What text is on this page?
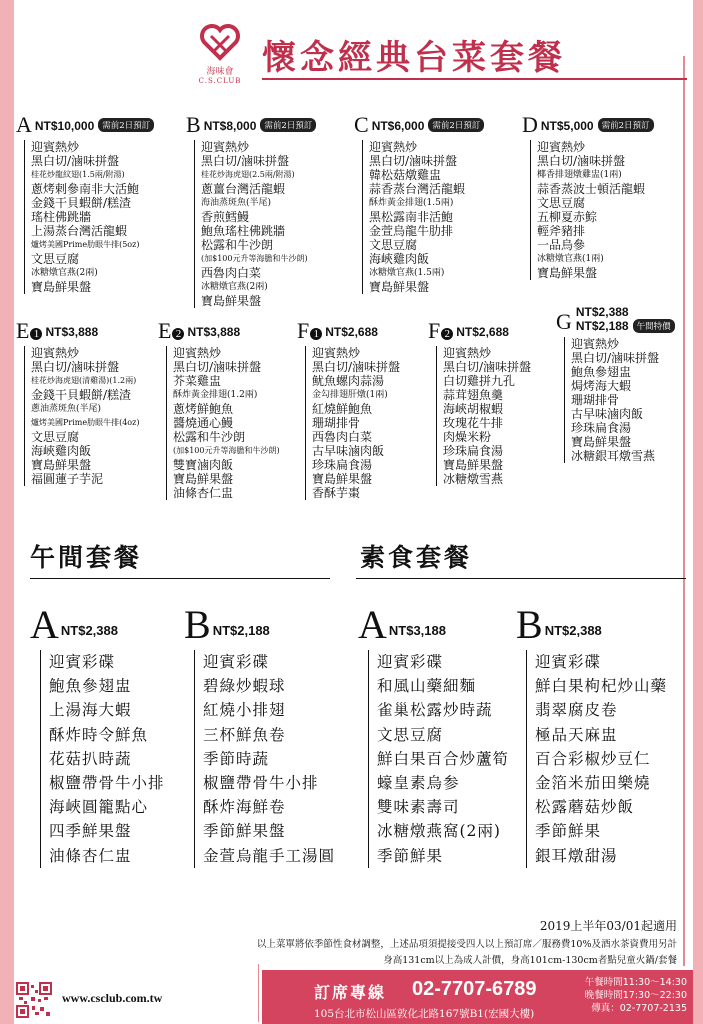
海味會
C.S.CLUB
懷念經典台菜套餐
A NT$10,000 需前2日預訂
迎賓熱炒
黑白切/滷味拼盤
桂花炒龍紋翅(1.5兩/附湯)
蔥烤剌參南非大活鮑
金錢干貝蝦餅/糕渣
瑤柱佛跳牆
上湯蒸台灣活龍蝦
爐烤美國Prime肋眼牛排(5oz)
文思豆腐
冰糖燉官燕(2兩)
寶島鮮果盤
B NT$8,000 需前2日預訂
迎賓熱炒
黑白切/滷味拼盤
桂花炒海虎翅(2.5兩/附湯)
蔥薑台灣活龍蝦
海油蒸斑魚(半尾)
香煎鱈鰻
鮑魚瑤柱佛跳牆
松露和牛沙朗
(加$100元升等海膽和牛沙朗)
西魯肉白菜
冰糖燉官燕(2兩)
寶島鮮果盤
C NT$6,000 需前2日預訂
迎賓熱炒
黑白切/滷味拼盤
韓松菇燉雞盅
蒜香蒸台灣活龍蝦
酥炸黃金排翅(1.5兩)
黑松露南非活鮑
金萱烏龍牛肋排
文思豆腐
海峽雞肉飯
冰糖燉官燕(1.5兩)
寶島鮮果盤
D NT$5,000 需前2日預訂
迎賓熱炒
黑白切/滷味拼盤
椰香排翅燉雞盅(1兩)
蒜香蒸波士頓活龍蝦
文思豆腐
五柳夏赤鯮
輕斧豬排
一品烏參
冰糖燉官燕(1兩)
寶島鮮果盤
E 1 NT$3,888
迎賓熱炒
黑白切/滷味拼盤
桂花炒海虎翅(清雞湯)(1.2兩)
金錢干貝蝦餅/糕渣
蔥油蒸斑魚(半尾)
爐烤美國Prime肋眼牛排(4oz)
文思豆腐
海峽雞肉飯
寶島鮮果盤
福圓蓮子芋泥
E 2 NT$3,888
迎賓熱炒
黑白切/滷味拼盤
芥菜雞盅
酥炸黃金排翅(1.2兩)
蔥烤鮮鮑魚
醬燒通心鰻
松露和牛沙朗
(加$100元升等海膽和牛沙朗)
雙寶滷肉飯
寶島鮮果盤
油條杏仁盅
F 1 NT$2,688
迎賓熱炒
黑白切/滷味拼盤
鱿魚螺肉蒜湯
金勾排翅肝燉(1兩)
紅燒鮮鮑魚
珊瑚排骨
西魯肉白菜
古早味滷肉飯
珍珠扁食湯
寶島鮮果盤
香酥芋棗
F 2 NT$2,688
迎賓熱炒
黑白切/滷味拼盤
白切雞拼九孔
蒜茸翅魚羹
海峽胡椒蝦
玫瑰花牛排
肉燥米粉
珍珠扁食湯
寶島鮮果盤
冰糖燉雪燕
G NT$2,388
NT$2,188 午間特價
迎賓熱炒
黑白切/滷味拼盤
鮑魚參翅盅
焗烤海大蝦
珊瑚排骨
古早味滷肉飯
珍珠扁食湯
寶島鮮果盤
冰糖銀耳燉雪燕
午間套餐	素食套餐
A NT$2,388
迎賓彩碟
鮑魚參翅盅
上湯海大蝦
酥炸時令鮮魚
花菇扒時蔬
椒鹽帶骨牛小排
海峽圓籠點心
四季鮮果盤
油條杏仁盅
B NT$2,188
迎賓彩碟
碧綠炒蝦球
紅燒小排翅
三杯鮮魚卷
季節時蔬
椒鹽帶骨牛小排
酥炸海鮮卷
季節鮮果盤
金萱烏龍手工湯圓
A NT$3,188
迎賓彩碟
和風山藥細麵
雀巢松露炒時蔬
文思豆腐
鮮白果百合炒蘆筍
蠔皇素烏参
雙味素壽司
冰糖燉燕窩(2兩)
季節鮮果
B NT$2,388
迎賓彩碟
鮮白果枸杞炒山藥
翡翠腐皮卷
極品天麻盅
百合彩椒炒豆仁
金箔米茄田樂燒
松露蘑菇炒飯
季節鮮果
銀耳燉甜湯
2019上半年03/01起適用
以上菜單將依季節性食材調整，上述品項須提接受四人以上預訂席／服務費10%及酒水茶資費用另計
身高131cm以上為成人計價，身高101cm-130cm者點兒童火鍋/套餐
www.csclub.com.tw	訂席專線 02-7707-6789
105台北市松山區敦化北路167號B1(宏國大樓)
午餐時間11:30～14:30
晚餐時間17:30～22:30
傳真：02-7707-2135
